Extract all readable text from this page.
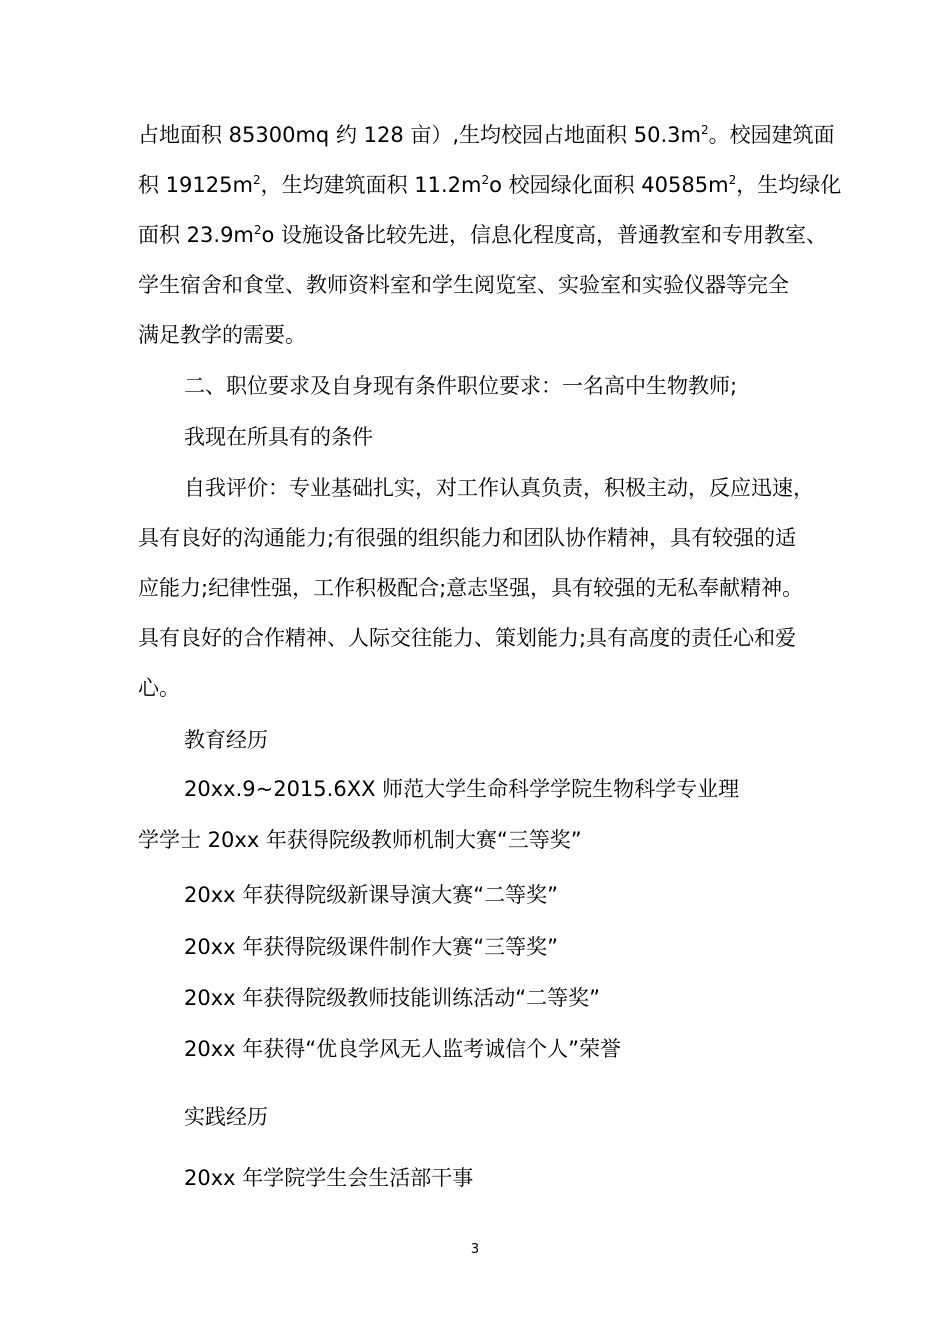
占地面积 85300mq 约 128 亩）,生均校园占地面积 $50.3m^2$。校园建筑面
积 $19125m^2$，生均建筑面积 $11.2m^2o$ 校园绿化面积 $40585m^2$，生均绿化
面积 $23.9m^2o$ 设施设备比较先进，信息化程度高，普通教室和专用教室、
学生宿舍和食堂、教师资料室和学生阅览室、实验室和实验仪器等完全
满足教学的需要。
二、职位要求及自身现有条件职位要求：一名高中生物教师;
我现在所具有的条件
自我评价：专业基础扎实，对工作认真负责，积极主动，反应迅速，
具有良好的沟通能力;有很强的组织能力和团队协作精神，具有较强的适
应能力;纪律性强，工作积极配合;意志坚强，具有较强的无私奉献精神。
具有良好的合作精神、人际交往能力、策划能力;具有高度的责任心和爱
心。
教育经历
20xx.9~2015.6XX 师范大学生命科学学院生物科学专业理
学学士 20xx 年获得院级教师机制大赛“三等奖”
20xx 年获得院级新课导演大赛“二等奖”
20xx 年获得院级课件制作大赛“三等奖”
20xx 年获得院级教师技能训练活动“二等奖”
20xx 年获得“优良学风无人监考诚信个人”荣誉
实践经历
20xx 年学院学生会生活部干事
3
